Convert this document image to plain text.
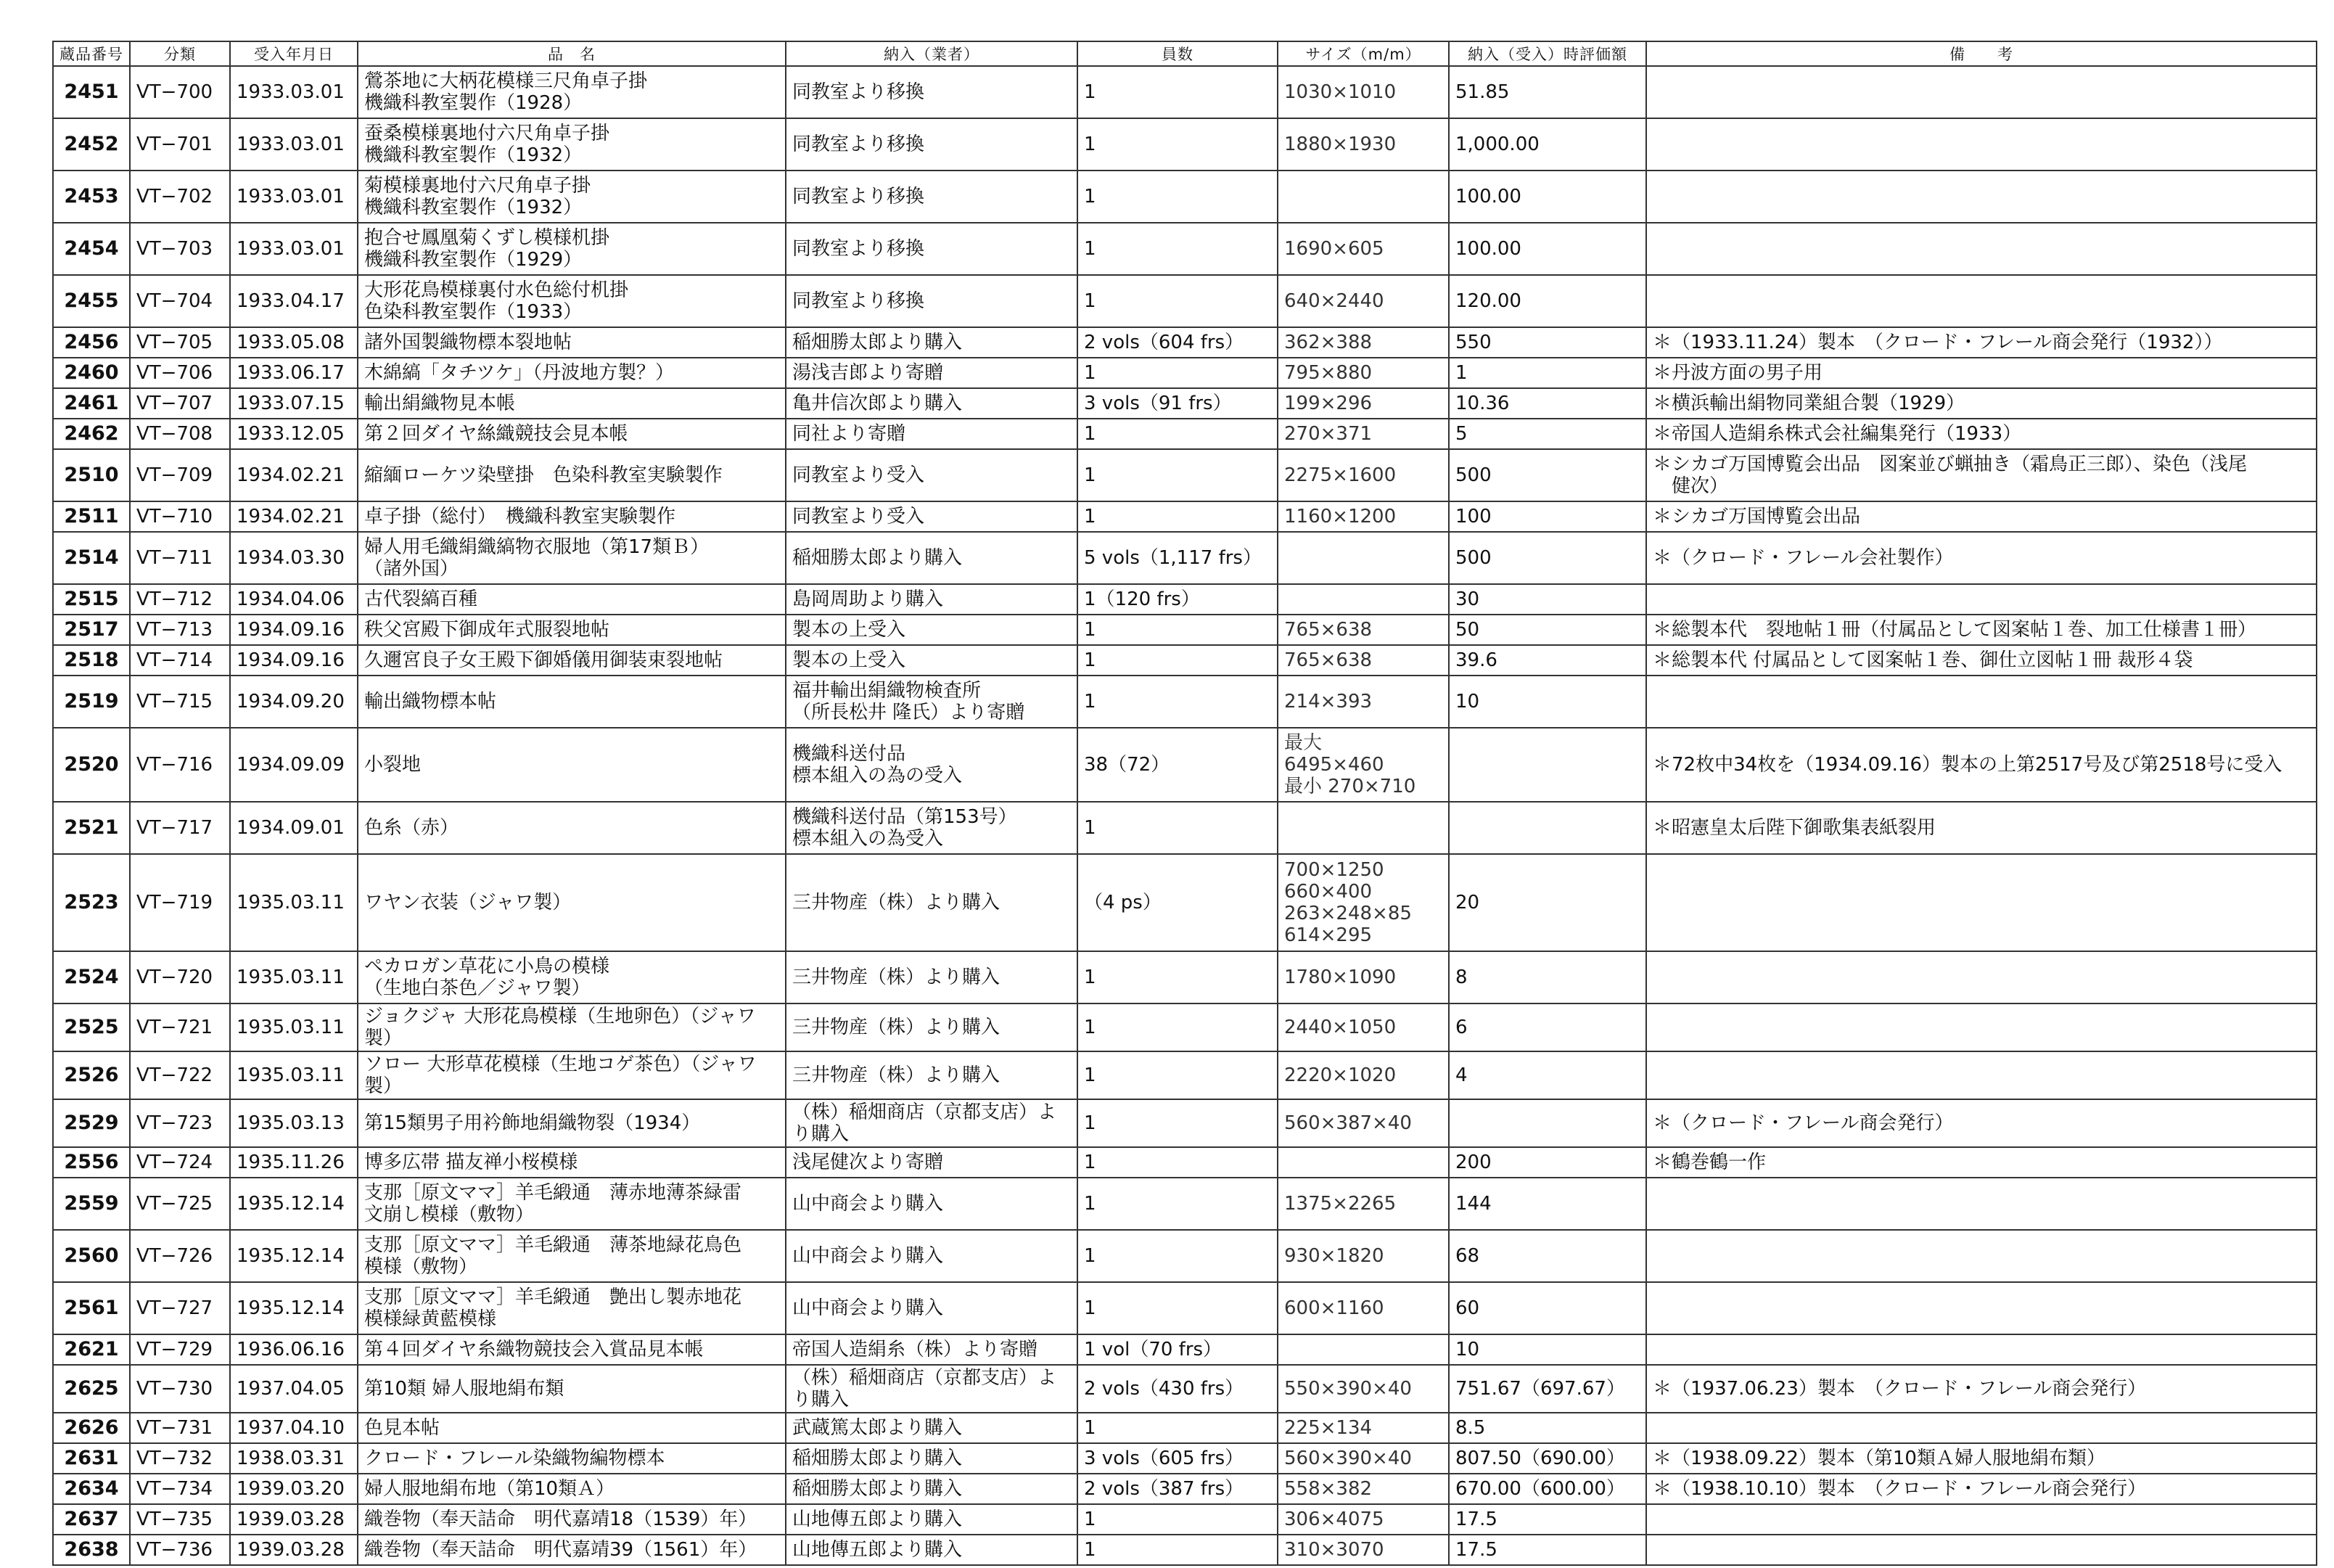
蔵品番号	分類	受入年月日	品　名	納入（業者）	員数	サイズ（m/m）	納入（受入）時評価額	備　　考
2451	VT−700	1933.03.01	鶯茶地に大柄花模様三尺角卓子掛
機織科教室製作（1928）	同教室より移換	1	1030×1010	51.85	
2452	VT−701	1933.03.01	蚕桑模様裏地付六尺角卓子掛
機織科教室製作（1932）	同教室より移換	1	1880×1930	1,000.00	
2453	VT−702	1933.03.01	菊模様裏地付六尺角卓子掛
機織科教室製作（1932）	同教室より移換	1		100.00	
2454	VT−703	1933.03.01	抱合せ鳳凰菊くずし模様机掛
機織科教室製作（1929）	同教室より移換	1	1690×605	100.00	
2455	VT−704	1933.04.17	大形花鳥模様裏付水色総付机掛
色染科教室製作（1933）	同教室より移換	1	640×2440	120.00	
2456	VT−705	1933.05.08	諸外国製織物標本裂地帖	稲畑勝太郎より購入	2 vols（604 frs）	362×388	550	＊（1933.11.24）製本　（クロード・フレール商会発行（1932））
2460	VT−706	1933.06.17	木綿縞「タチツケ」（丹波地方製？）	湯浅吉郎より寄贈	1	795×880	1	＊丹波方面の男子用
2461	VT−707	1933.07.15	輸出絹織物見本帳	亀井信次郎より購入	3 vols（91 frs）	199×296	10.36	＊横浜輸出絹物同業組合製（1929）
2462	VT−708	1933.12.05	第２回ダイヤ絲織競技会見本帳	同社より寄贈	1	270×371	5	＊帝国人造絹糸株式会社編集発行（1933）
2510	VT−709	1934.02.21	縮緬ローケツ染壁掛　色染科教室実験製作	同教室より受入	1	2275×1600	500	＊シカゴ万国博覧会出品　図案並び蝋抽き（霜鳥正三郎）、染色（浅尾
　健次）
2511	VT−710	1934.02.21	卓子掛（総付）　機織科教室実験製作	同教室より受入	1	1160×1200	100	＊シカゴ万国博覧会出品
2514	VT−711	1934.03.30	婦人用毛織絹織縞物衣服地（第17類Ｂ）
（諸外国）	稲畑勝太郎より購入	5 vols（1,117 frs）		500	＊（クロード・フレール会社製作）
2515	VT−712	1934.04.06	古代裂縞百種	島岡周助より購入	1（120 frs）		30	
2517	VT−713	1934.09.16	秩父宮殿下御成年式服裂地帖	製本の上受入	1	765×638	50	＊総製本代　裂地帖１冊（付属品として図案帖１巻、加工仕様書１冊）
2518	VT−714	1934.09.16	久邇宮良子女王殿下御婚儀用御装束裂地帖	製本の上受入	1	765×638	39.6	＊総製本代 付属品として図案帖１巻、御仕立図帖１冊 裁形４袋
2519	VT−715	1934.09.20	輸出織物標本帖	福井輸出絹織物検査所
（所長松井 隆氏）より寄贈	1	214×393	10	
2520	VT−716	1934.09.09	小裂地	機織科送付品
標本組入の為の受入	38（72）	最大
6495×460
最小 270×710		＊72枚中34枚を（1934.09.16）製本の上第2517号及び第2518号に受入
2521	VT−717	1934.09.01	色糸（赤）	機織科送付品（第153号）
標本組入の為受入	1			＊昭憲皇太后陛下御歌集表紙裂用
2523	VT−719	1935.03.11	ワヤン衣装（ジャワ製）	三井物産（株）より購入	（4 ps）	700×1250
660×400
263×248×85
614×295	20	
2524	VT−720	1935.03.11	ペカロガン草花に小鳥の模様
（生地白茶色／ジャワ製）	三井物産（株）より購入	1	1780×1090	8	
2525	VT−721	1935.03.11	ジョクジャ 大形花鳥模様（生地卵色）（ジャワ製）	三井物産（株）より購入	1	2440×1050	6	
2526	VT−722	1935.03.11	ソロー 大形草花模様（生地コゲ茶色）（ジャワ製）	三井物産（株）より購入	1	2220×1020	4	
2529	VT−723	1935.03.13	第15類男子用衿飾地絹織物裂（1934）	（株）稲畑商店（京都支店）より購入	1	560×387×40		＊（クロード・フレール商会発行）
2556	VT−724	1935.11.26	博多広帯 描友禅小桜模様	浅尾健次より寄贈	1		200	＊鶴巻鶴一作
2559	VT−725	1935.12.14	支那［原文ママ］羊毛緞通　薄赤地薄茶緑雷
文崩し模様（敷物）	山中商会より購入	1	1375×2265	144	
2560	VT−726	1935.12.14	支那［原文ママ］羊毛緞通　薄茶地緑花鳥色
模様（敷物）	山中商会より購入	1	930×1820	68	
2561	VT−727	1935.12.14	支那［原文ママ］羊毛緞通　艶出し製赤地花
模様緑黄藍模様	山中商会より購入	1	600×1160	60	
2621	VT−729	1936.06.16	第４回ダイヤ糸織物競技会入賞品見本帳	帝国人造絹糸（株）より寄贈	1 vol（70 frs）		10	
2625	VT−730	1937.04.05	第10類 婦人服地絹布類	（株）稲畑商店（京都支店）より購入	2 vols（430 frs）	550×390×40	751.67（697.67）	＊（1937.06.23）製本　（クロード・フレール商会発行）
2626	VT−731	1937.04.10	色見本帖	武蔵篤太郎より購入	1	225×134	8.5	
2631	VT−732	1938.03.31	クロード・フレール染織物編物標本	稲畑勝太郎より購入	3 vols（605 frs）	560×390×40	807.50（690.00）	＊（1938.09.22）製本（第10類Ａ婦人服地絹布類）
2634	VT−734	1939.03.20	婦人服地絹布地（第10類Ａ）	稲畑勝太郎より購入	2 vols（387 frs）	558×382	670.00（600.00）	＊（1938.10.10）製本　（クロード・フレール商会発行）
2637	VT−735	1939.03.28	織巻物（奉天詰命　明代嘉靖18（1539）年）	山地傳五郎より購入	1	306×4075	17.5	
2638	VT−736	1939.03.28	織巻物（奉天詰命　明代嘉靖39（1561）年）	山地傳五郎より購入	1	310×3070	17.5	
